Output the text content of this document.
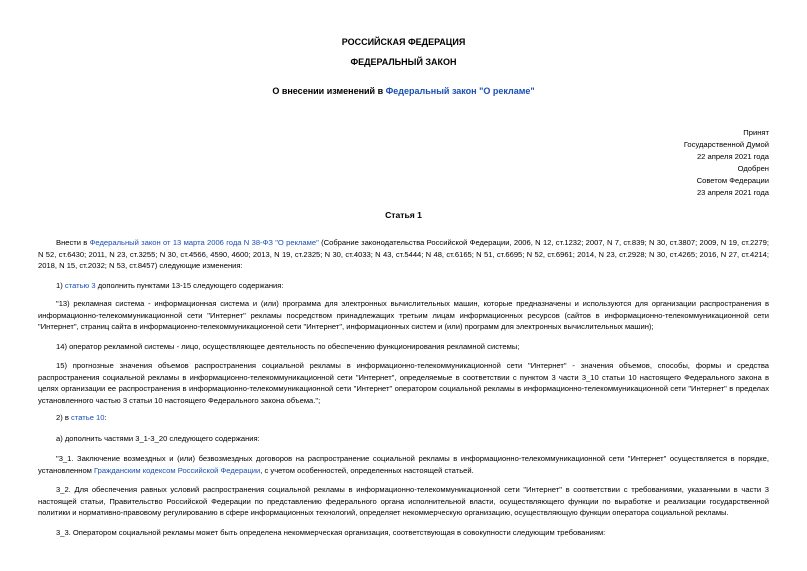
РОССИЙСКАЯ ФЕДЕРАЦИЯ
ФЕДЕРАЛЬНЫЙ ЗАКОН
О внесении изменений в Федеральный закон "О рекламе"
Принят
Государственной Думой
22 апреля 2021 года
Одобрен
Советом Федерации
23 апреля 2021 года
Статья 1
Внести в Федеральный закон от 13 марта 2006 года N 38-ФЗ "О рекламе" (Собрание законодательства Российской Федерации, 2006, N 12, ст.1232; 2007, N 7, ст.839; N 30, ст.3807; 2009, N 19, ст.2279; N 52, ст.6430; 2011, N 23, ст.3255; N 30, ст.4566, 4590, 4600; 2013, N 19, ст.2325; N 30, ст.4033; N 43, ст.5444; N 48, ст.6165; N 51, ст.6695; N 52, ст.6961; 2014, N 23, ст.2928; N 30, ст.4265; 2016, N 27, ст.4214; 2018, N 15, ст.2032; N 53, ст.8457) следующие изменения:
1) статью 3 дополнить пунктами 13-15 следующего содержания:
"13) рекламная система - информационная система и (или) программа для электронных вычислительных машин, которые предназначены и используются для организации распространения в информационно-телекоммуникационной сети "Интернет" рекламы посредством принадлежащих третьим лицам информационных ресурсов (сайтов в информационно-телекоммуникационной сети "Интернет", страниц сайта в информационно-телекоммуникационной сети "Интернет", информационных систем и (или) программ для электронных вычислительных машин);
14) оператор рекламной системы - лицо, осуществляющее деятельность по обеспечению функционирования рекламной системы;
15) прогнозные значения объемов распространения социальной рекламы в информационно-телекоммуникационной сети "Интернет" - значения объемов, способы, формы и средства распространения социальной рекламы в информационно-телекоммуникационной сети "Интернет", определяемые в соответствии с пунктом 3 части 3_10 статьи 10 настоящего Федерального закона в целях организации ее распространения в информационно-телекоммуникационной сети "Интернет" оператором социальной рекламы в информационно-телекоммуникационной сети "Интернет" в пределах установленного частью 3 статьи 10 настоящего Федерального закона объема.";
2) в статье 10:
а) дополнить частями 3_1-3_20 следующего содержания:
"3_1. Заключение возмездных и (или) безвозмездных договоров на распространение социальной рекламы в информационно-телекоммуникационной сети "Интернет" осуществляется в порядке, установленном Гражданским кодексом Российской Федерации, с учетом особенностей, определенных настоящей статьей.
3_2. Для обеспечения равных условий распространения социальной рекламы в информационно-телекоммуникационной сети "Интернет" в соответствии с требованиями, указанными в части 3 настоящей статьи, Правительство Российской Федерации по представлению федерального органа исполнительной власти, осуществляющего функции по выработке и реализации государственной политики и нормативно-правовому регулированию в сфере информационных технологий, определяет некоммерческую организацию, осуществляющую функции оператора социальной рекламы.
3_3. Оператором социальной рекламы может быть определена некоммерческая организация, соответствующая в совокупности следующим требованиям:
